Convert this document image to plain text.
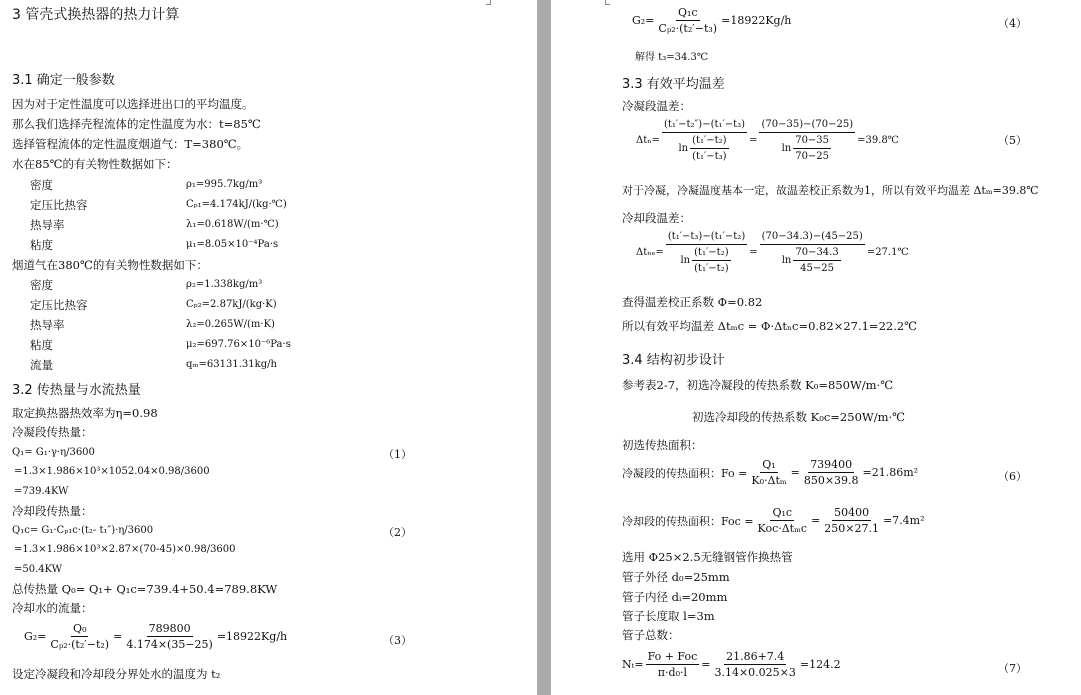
3 管壳式换热器的热力计算
3.1 确定一般参数
因为对于定性温度可以选择进出口的平均温度。
那么我们选择壳程流体的定性温度为水：t=85℃
选择管程流体的定性温度烟道气：T=380℃。
水在85℃的有关物性数据如下：
密度	ρ₁=995.7kg/m³
定压比热容	Cₚ₁=4.174kJ/(kg·℃)
热导率	λ₁=0.618W/(m·℃)
粘度	μ₁=8.05×10⁻⁴Pa·s
烟道气在380℃的有关物性数据如下：
密度	ρ₂=1.338kg/m³
定压比热容	Cₚ₂=2.87kJ/(kg·K)
热导率	λ₂=0.265W/(m·K)
粘度	μ₂=697.76×10⁻⁶Pa·s
流量	qₘ=63131.31kg/h
3.2 传热量与水流热量
取定换热器热效率为η=0.98
冷凝段传热量：
Q₁= G₁·γ·η/3600	（1）
=1.3×1.986×10³×1052.04×0.98/3600
=739.4KW
冷却段传热量：
Q₁c= G₁·Cₚ₁c·(t₂- t₁″)·η/3600	（2）
=1.3×1.986×10³×2.87×(70-45)×0.98/3600
=50.4KW
总传热量 Q₀= Q₁+ Q₁c=739.4+50.4=789.8KW
冷却水的流量：
$G_2= \frac{\text{Q₀}}{\text{Cₚ₂·(t₂′−t₂)}} = \frac{789800}{4.174\times(35-25)} =18922Kg/h$	（3）
设定冷凝段和冷却段分界处水的温度为 t₂
$G_2= \frac{\text{Q₁c}}{\text{Cₚ₂·(t₂′−t₃)}} =18922Kg/h$	（4）
解得 t₃=34.3℃
3.3 有效平均温差
冷凝段温差：
$\Delta t_n= \frac{\text{(t₁′−t₂″)−(t₁′−t₃)}}{\ln \frac{\text{(t₁′−t₂)}}{\text{(t₁′−t₃)}}} = \frac{(70-35)-(70-25)}{\ln \frac{70-35}{70-25}}$ =39.8℃	（5）
对于冷凝，冷凝温度基本一定，故温差校正系数为1，所以有效平均温差 Δtₘ=39.8℃
冷却段温差：
$\Delta t_{ne}= \frac{\text{(t₁′−t₃)−(t₁′−t₂)}}{\ln \frac{\text{(t₁′−t₂)}}{\text{(t₁′−t₂)}}} = \frac{(70-34.3)-(45-25)}{\ln \frac{70-34.3}{45-25}}$ =27.1℃
查得温差校正系数 Φ=0.82
所以有效平均温差 Δtₘc = Φ·Δtₙc=0.82×27.1=22.2℃
3.4 结构初步设计
参考表2-7，初选冷凝段的传热系数 K₀=850W/m·℃
初选冷却段的传热系数 K₀c=250W/m·℃
初选传热面积：
冷凝段的传热面积：$Fo = \frac{\text{Q₁}}{\text{K₀·Δtₘ}} = \frac{739400}{850\times 39.8} =21.86m^2$	（6）
冷却段的传热面积：Foc = $\frac{\text{Q₁c}}{\text{Koc·Δtₘc}} = \frac{50400}{250\times 27.1} =7.4m^2$
选用 Φ25×2.5无缝钢管作换热管
管子外径 d₀=25mm
管子内径 dᵢ=20mm
管子长度取 l=3m
管子总数：
$N_t= \frac{\text{Fo + Foc}}{\text{π·d₀·l}} = \frac{21.86+7.4}{3.14\times 0.025\times 3} =124.2$	（7）
